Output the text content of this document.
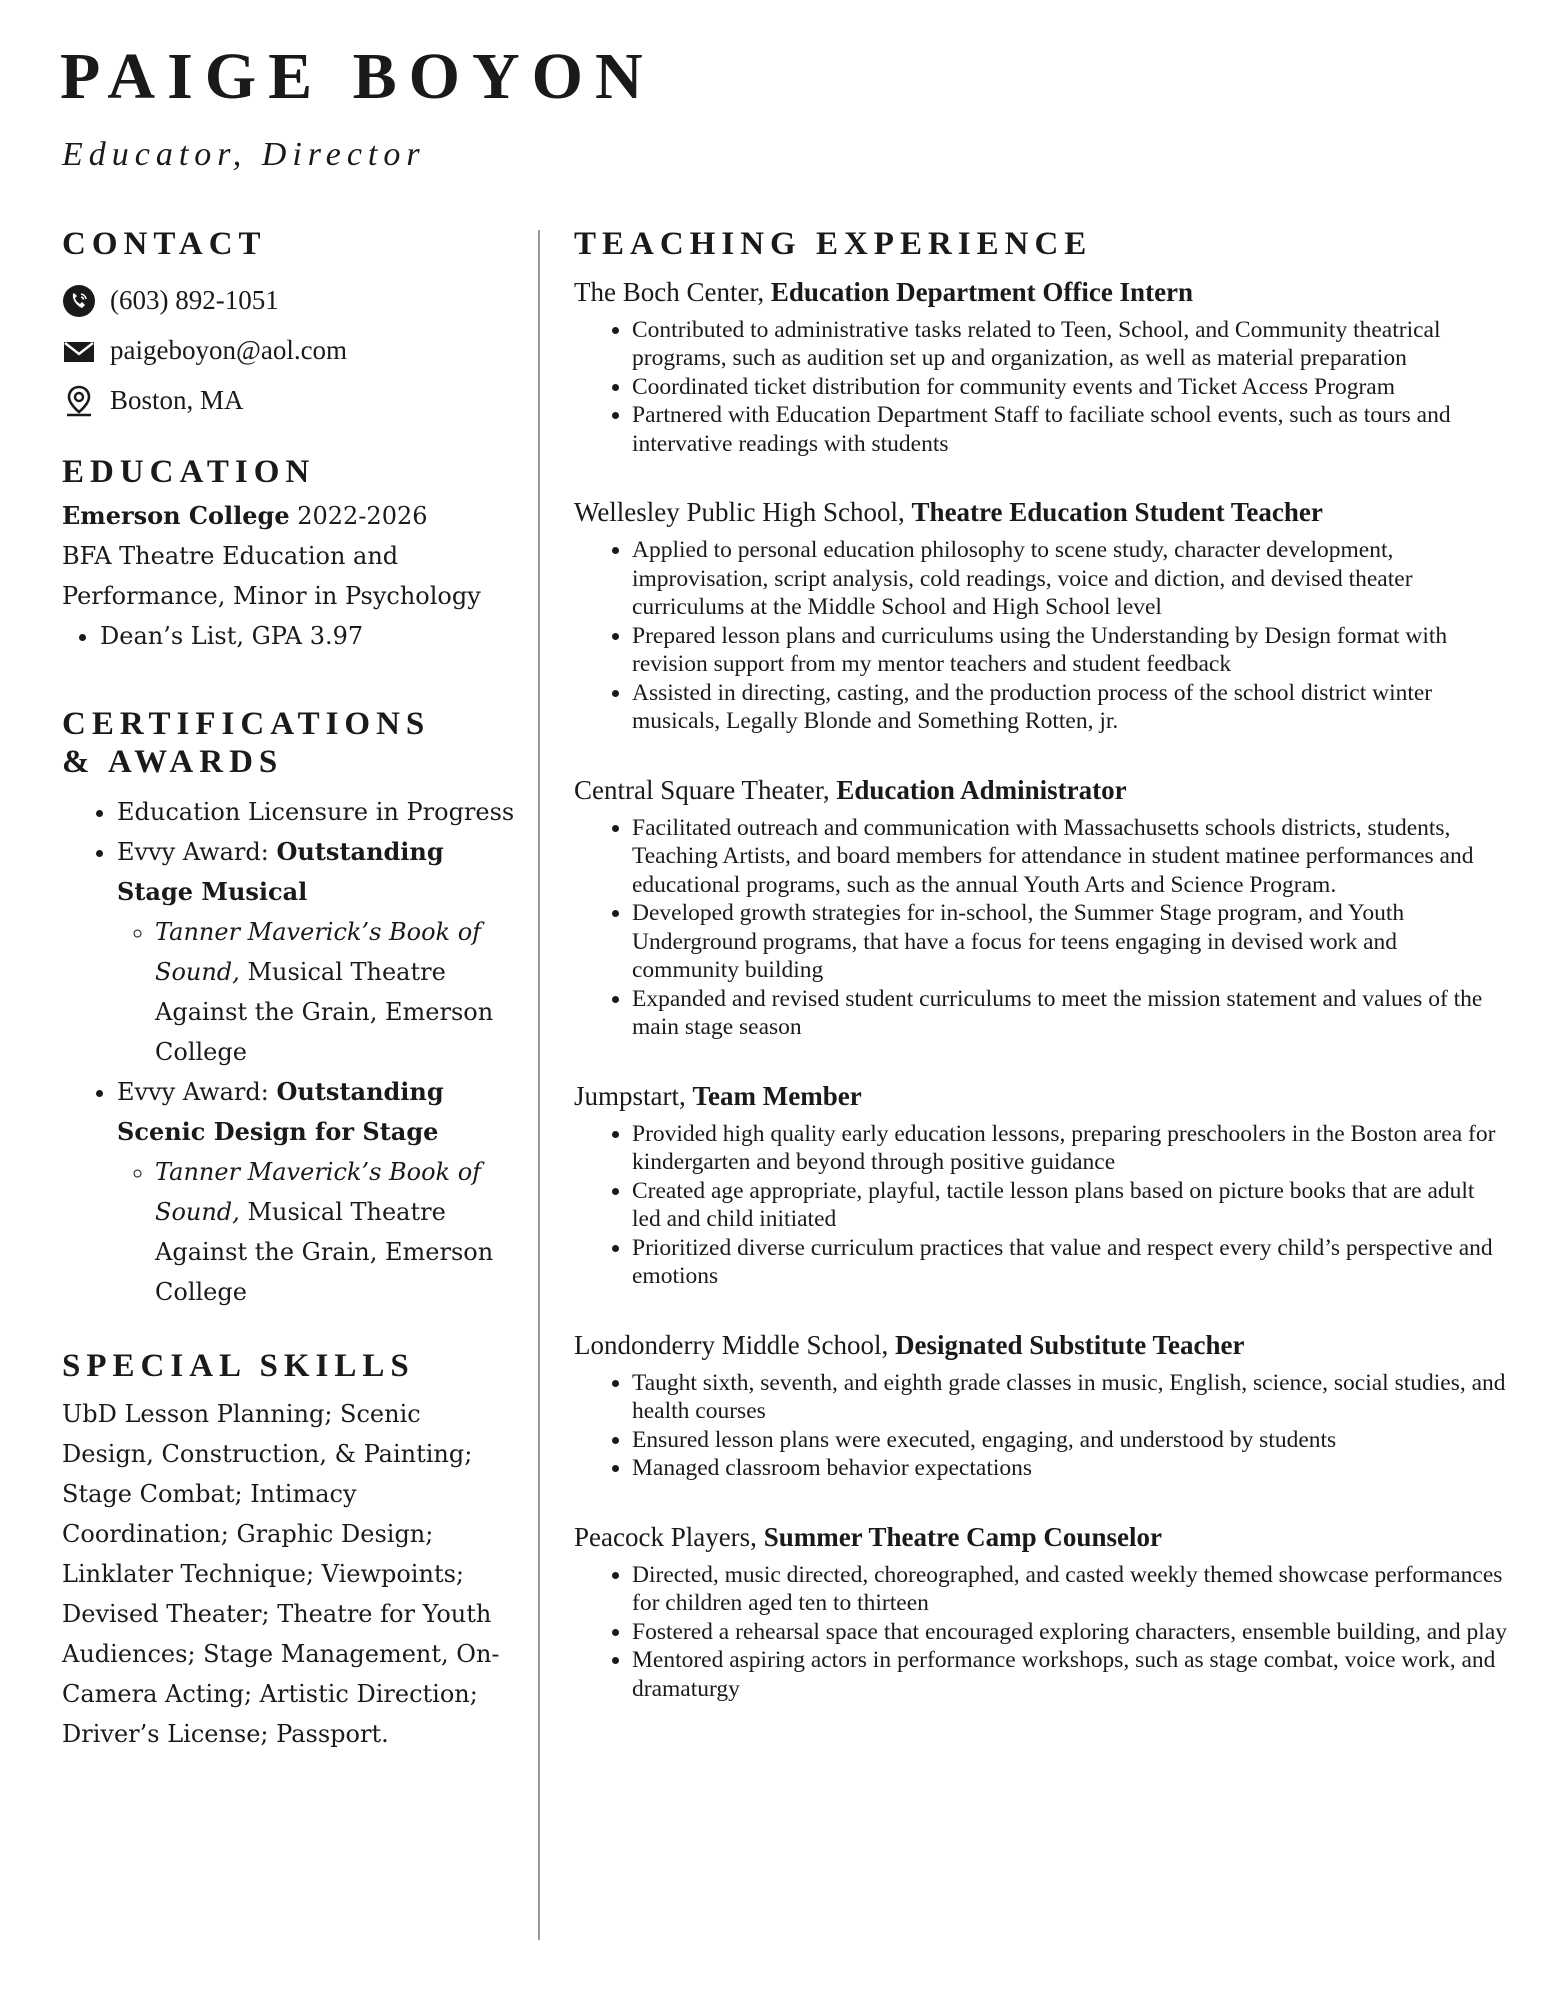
PAIGE BOYON

Educator, Director

CONTACT
(603) 892-1051
paigeboyon@aol.com
Boston, MA
EDUCATION

Emerson College 2022-2026

BFA Theatre Education and

Performance, Minor in Psychology

• Dean’s List, GPA 3.97
CERTIFICATIONS
& AWARDS
• Education Licensure in Progress
• Evvy Award: Outstanding Stage Musical
◦ Tanner Maverick’s Book of Sound, Musical Theatre Against the Grain, Emerson College
• Evvy Award: Outstanding Scenic Design for Stage
◦ Tanner Maverick’s Book of Sound, Musical Theatre Against the Grain, Emerson College
SPECIAL SKILLS

UbD Lesson Planning; Scenic Design, Construction, & Painting; Stage Combat; Intimacy Coordination; Graphic Design; Linklater Technique; Viewpoints; Devised Theater; Theatre for Youth Audiences; Stage Management, On-Camera Acting; Artistic Direction; Driver’s License; Passport.

TEACHING EXPERIENCE

The Boch Center, Education Department Office Intern

• Contributed to administrative tasks related to Teen, School, and Community theatrical programs, such as audition set up and organization, as well as material preparation
• Coordinated ticket distribution for community events and Ticket Access Program
• Partnered with Education Department Staff to faciliate school events, such as tours and intervative readings with students

Wellesley Public High School, Theatre Education Student Teacher

• Applied to personal education philosophy to scene study, character development, improvisation, script analysis, cold readings, voice and diction, and devised theater curriculums at the Middle School and High School level
• Prepared lesson plans and curriculums using the Understanding by Design format with revision support from my mentor teachers and student feedback
• Assisted in directing, casting, and the production process of the school district winter musicals, Legally Blonde and Something Rotten, jr.

Central Square Theater, Education Administrator

• Facilitated outreach and communication with Massachusetts schools districts, students, Teaching Artists, and board members for attendance in student matinee performances and educational programs, such as the annual Youth Arts and Science Program.
• Developed growth strategies for in-school, the Summer Stage program, and Youth Underground programs, that have a focus for teens engaging in devised work and community building
• Expanded and revised student curriculums to meet the mission statement and values of the main stage season

Jumpstart, Team Member

• Provided high quality early education lessons, preparing preschoolers in the Boston area for kindergarten and beyond through positive guidance
• Created age appropriate, playful, tactile lesson plans based on picture books that are adult led and child initiated
• Prioritized diverse curriculum practices that value and respect every child’s perspective and emotions

Londonderry Middle School, Designated Substitute Teacher

• Taught sixth, seventh, and eighth grade classes in music, English, science, social studies, and health courses
• Ensured lesson plans were executed, engaging, and understood by students
• Managed classroom behavior expectations

Peacock Players, Summer Theatre Camp Counselor

• Directed, music directed, choreographed, and casted weekly themed showcase performances for children aged ten to thirteen
• Fostered a rehearsal space that encouraged exploring characters, ensemble building, and play
• Mentored aspiring actors in performance workshops, such as stage combat, voice work, and dramaturgy
